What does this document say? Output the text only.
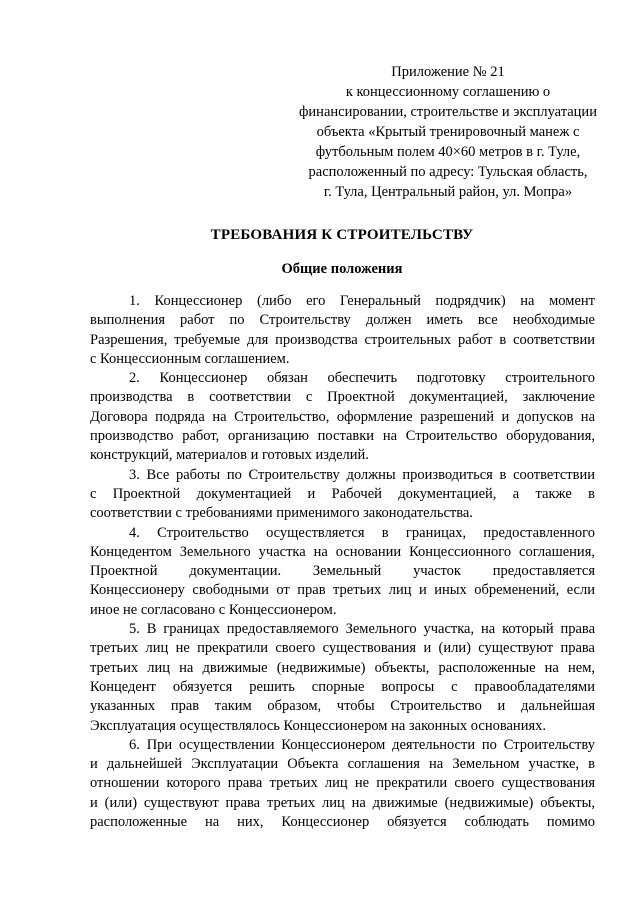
Приложение № 21
к концессионному соглашению о
финансировании, строительстве и эксплуатации
объекта «Крытый тренировочный манеж с
футбольным полем 40×60 метров в г. Туле,
расположенный по адресу: Тульская область,
г. Тула, Центральный район, ул. Мопра»
ТРЕБОВАНИЯ К СТРОИТЕЛЬСТВУ
Общие положения
1. Концессионер (либо его Генеральный подрядчик) на момент
выполнения работ по Строительству должен иметь все необходимые
Разрешения, требуемые для производства строительных работ в соответствии
с Концессионным соглашением.
2. Концессионер обязан обеспечить подготовку строительного
производства в соответствии с Проектной документацией, заключение
Договора подряда на Строительство, оформление разрешений и допусков на
производство работ, организацию поставки на Строительство оборудования,
конструкций, материалов и готовых изделий.
3. Все работы по Строительству должны производиться в соответствии
с Проектной документацией и Рабочей документацией, а также в
соответствии с требованиями применимого законодательства.
4. Строительство осуществляется в границах, предоставленного
Концедентом Земельного участка на основании Концессионного соглашения,
Проектной документации. Земельный участок предоставляется
Концессионеру свободными от прав третьих лиц и иных обременений, если
иное не согласовано с Концессионером.
5. В границах предоставляемого Земельного участка, на который права
третьих лиц не прекратили своего существования и (или) существуют права
третьих лиц на движимые (недвижимые) объекты, расположенные на нем,
Концедент обязуется решить спорные вопросы с правообладателями
указанных прав таким образом, чтобы Строительство и дальнейшая
Эксплуатация осуществлялось Концессионером на законных основаниях.
6. При осуществлении Концессионером деятельности по Строительству
и дальнейшей Эксплуатации Объекта соглашения на Земельном участке, в
отношении которого права третьих лиц не прекратили своего существования
и (или) существуют права третьих лиц на движимые (недвижимые) объекты,
расположенные на них, Концессионер обязуется соблюдать помимо
